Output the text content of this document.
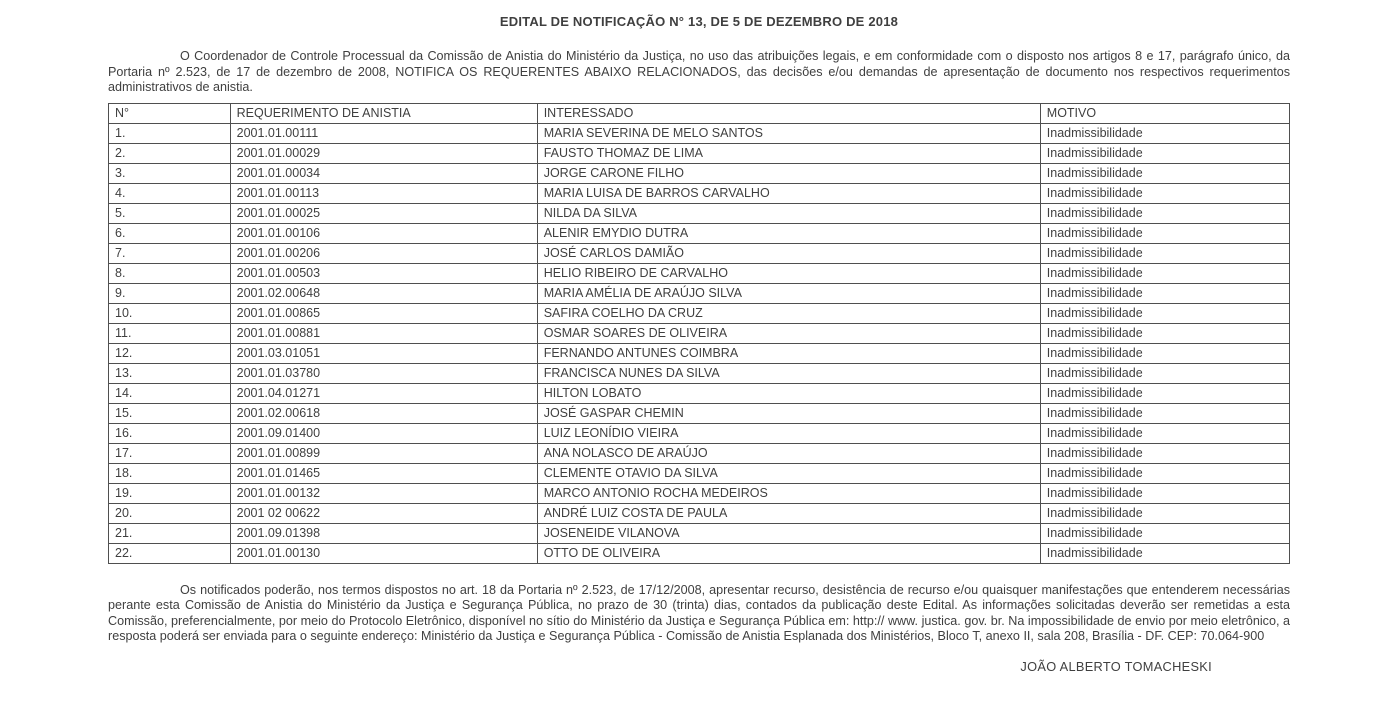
EDITAL DE NOTIFICAÇÃO N° 13, DE 5 DE DEZEMBRO DE 2018

O Coordenador de Controle Processual da Comissão de Anistia do Ministério da Justiça, no uso das atribuições legais, e em conformidade com o disposto nos artigos 8 e 17, parágrafo único, da Portaria nº 2.523, de 17 de dezembro de 2008, NOTIFICA OS REQUERENTES ABAIXO RELACIONADOS, das decisões e/ou demandas de apresentação de documento nos respectivos requerimentos administrativos de anistia.

N°	REQUERIMENTO DE ANISTIA	INTERESSADO	MOTIVO
1.	2001.01.00111	MARIA SEVERINA DE MELO SANTOS	Inadmissibilidade
2.	2001.01.00029	FAUSTO THOMAZ DE LIMA	Inadmissibilidade
3.	2001.01.00034	JORGE CARONE FILHO	Inadmissibilidade
4.	2001.01.00113	MARIA LUISA DE BARROS CARVALHO	Inadmissibilidade
5.	2001.01.00025	NILDA DA SILVA	Inadmissibilidade
6.	2001.01.00106	ALENIR EMYDIO DUTRA	Inadmissibilidade
7.	2001.01.00206	JOSÉ CARLOS DAMIÃO	Inadmissibilidade
8.	2001.01.00503	HELIO RIBEIRO DE CARVALHO	Inadmissibilidade
9.	2001.02.00648	MARIA AMÉLIA DE ARAÚJO SILVA	Inadmissibilidade
10.	2001.01.00865	SAFIRA COELHO DA CRUZ	Inadmissibilidade
11.	2001.01.00881	OSMAR SOARES DE OLIVEIRA	Inadmissibilidade
12.	2001.03.01051	FERNANDO ANTUNES COIMBRA	Inadmissibilidade
13.	2001.01.03780	FRANCISCA NUNES DA SILVA	Inadmissibilidade
14.	2001.04.01271	HILTON LOBATO	Inadmissibilidade
15.	2001.02.00618	JOSÉ GASPAR CHEMIN	Inadmissibilidade
16.	2001.09.01400	LUIZ LEONÍDIO VIEIRA	Inadmissibilidade
17.	2001.01.00899	ANA NOLASCO DE ARAÚJO	Inadmissibilidade
18.	2001.01.01465	CLEMENTE OTAVIO DA SILVA	Inadmissibilidade
19.	2001.01.00132	MARCO ANTONIO ROCHA MEDEIROS	Inadmissibilidade
20.	2001 02 00622	ANDRÉ LUIZ COSTA DE PAULA	Inadmissibilidade
21.	2001.09.01398	JOSENEIDE VILANOVA	Inadmissibilidade
22.	2001.01.00130	OTTO DE OLIVEIRA	Inadmissibilidade

Os notificados poderão, nos termos dispostos no art. 18 da Portaria nº 2.523, de 17/12/2008, apresentar recurso, desistência de recurso e/ou quaisquer manifestações que entenderem necessárias perante esta Comissão de Anistia do Ministério da Justiça e Segurança Pública, no prazo de 30 (trinta) dias, contados da publicação deste Edital. As informações solicitadas deverão ser remetidas a esta Comissão, preferencialmente, por meio do Protocolo Eletrônico, disponível no sítio do Ministério da Justiça e Segurança Pública em: http:// www. justica. gov. br. Na impossibilidade de envio por meio eletrônico, a resposta poderá ser enviada para o seguinte endereço: Ministério da Justiça e Segurança Pública - Comissão de Anistia Esplanada dos Ministérios, Bloco T, anexo II, sala 208, Brasília - DF. CEP: 70.064-900

JOÃO ALBERTO TOMACHESKI
